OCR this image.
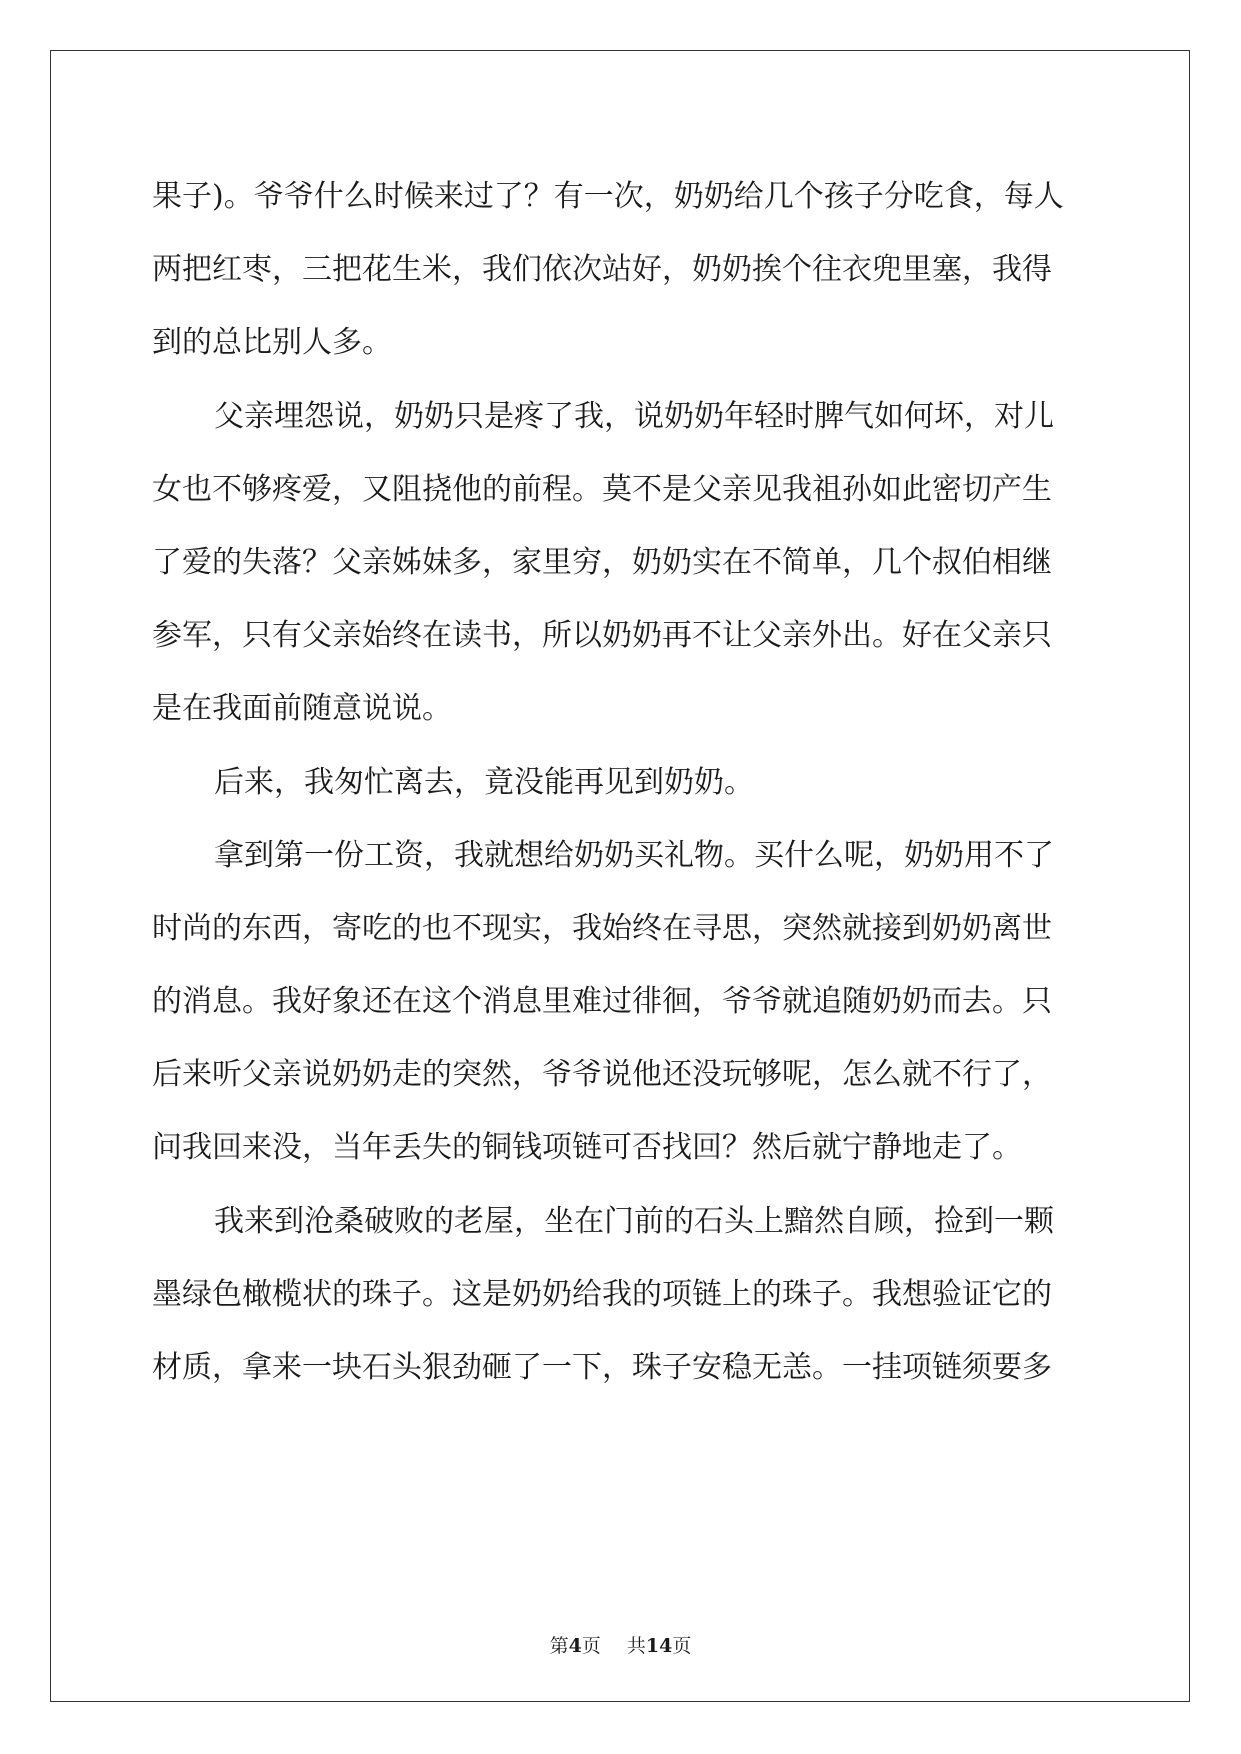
果子)。爷爷什么时候来过了？有一次，奶奶给几个孩子分吃食，每人
两把红枣，三把花生米，我们依次站好，奶奶挨个往衣兜里塞，我得
到的总比别人多。
父亲埋怨说，奶奶只是疼了我，说奶奶年轻时脾气如何坏，对儿
女也不够疼爱，又阻挠他的前程。莫不是父亲见我祖孙如此密切产生
了爱的失落？父亲姊妹多，家里穷，奶奶实在不简单，几个叔伯相继
参军，只有父亲始终在读书，所以奶奶再不让父亲外出。好在父亲只
是在我面前随意说说。
后来，我匆忙离去，竟没能再见到奶奶。
拿到第一份工资，我就想给奶奶买礼物。买什么呢，奶奶用不了
时尚的东西，寄吃的也不现实，我始终在寻思，突然就接到奶奶离世
的消息。我好象还在这个消息里难过徘徊，爷爷就追随奶奶而去。只
后来听父亲说奶奶走的突然，爷爷说他还没玩够呢，怎么就不行了，
问我回来没，当年丢失的铜钱项链可否找回？然后就宁静地走了。
我来到沧桑破败的老屋，坐在门前的石头上黯然自顾，捡到一颗
墨绿色橄榄状的珠子。这是奶奶给我的项链上的珠子。我想验证它的
材质，拿来一块石头狠劲砸了一下，珠子安稳无恙。一挂项链须要多
第4页 共14页
